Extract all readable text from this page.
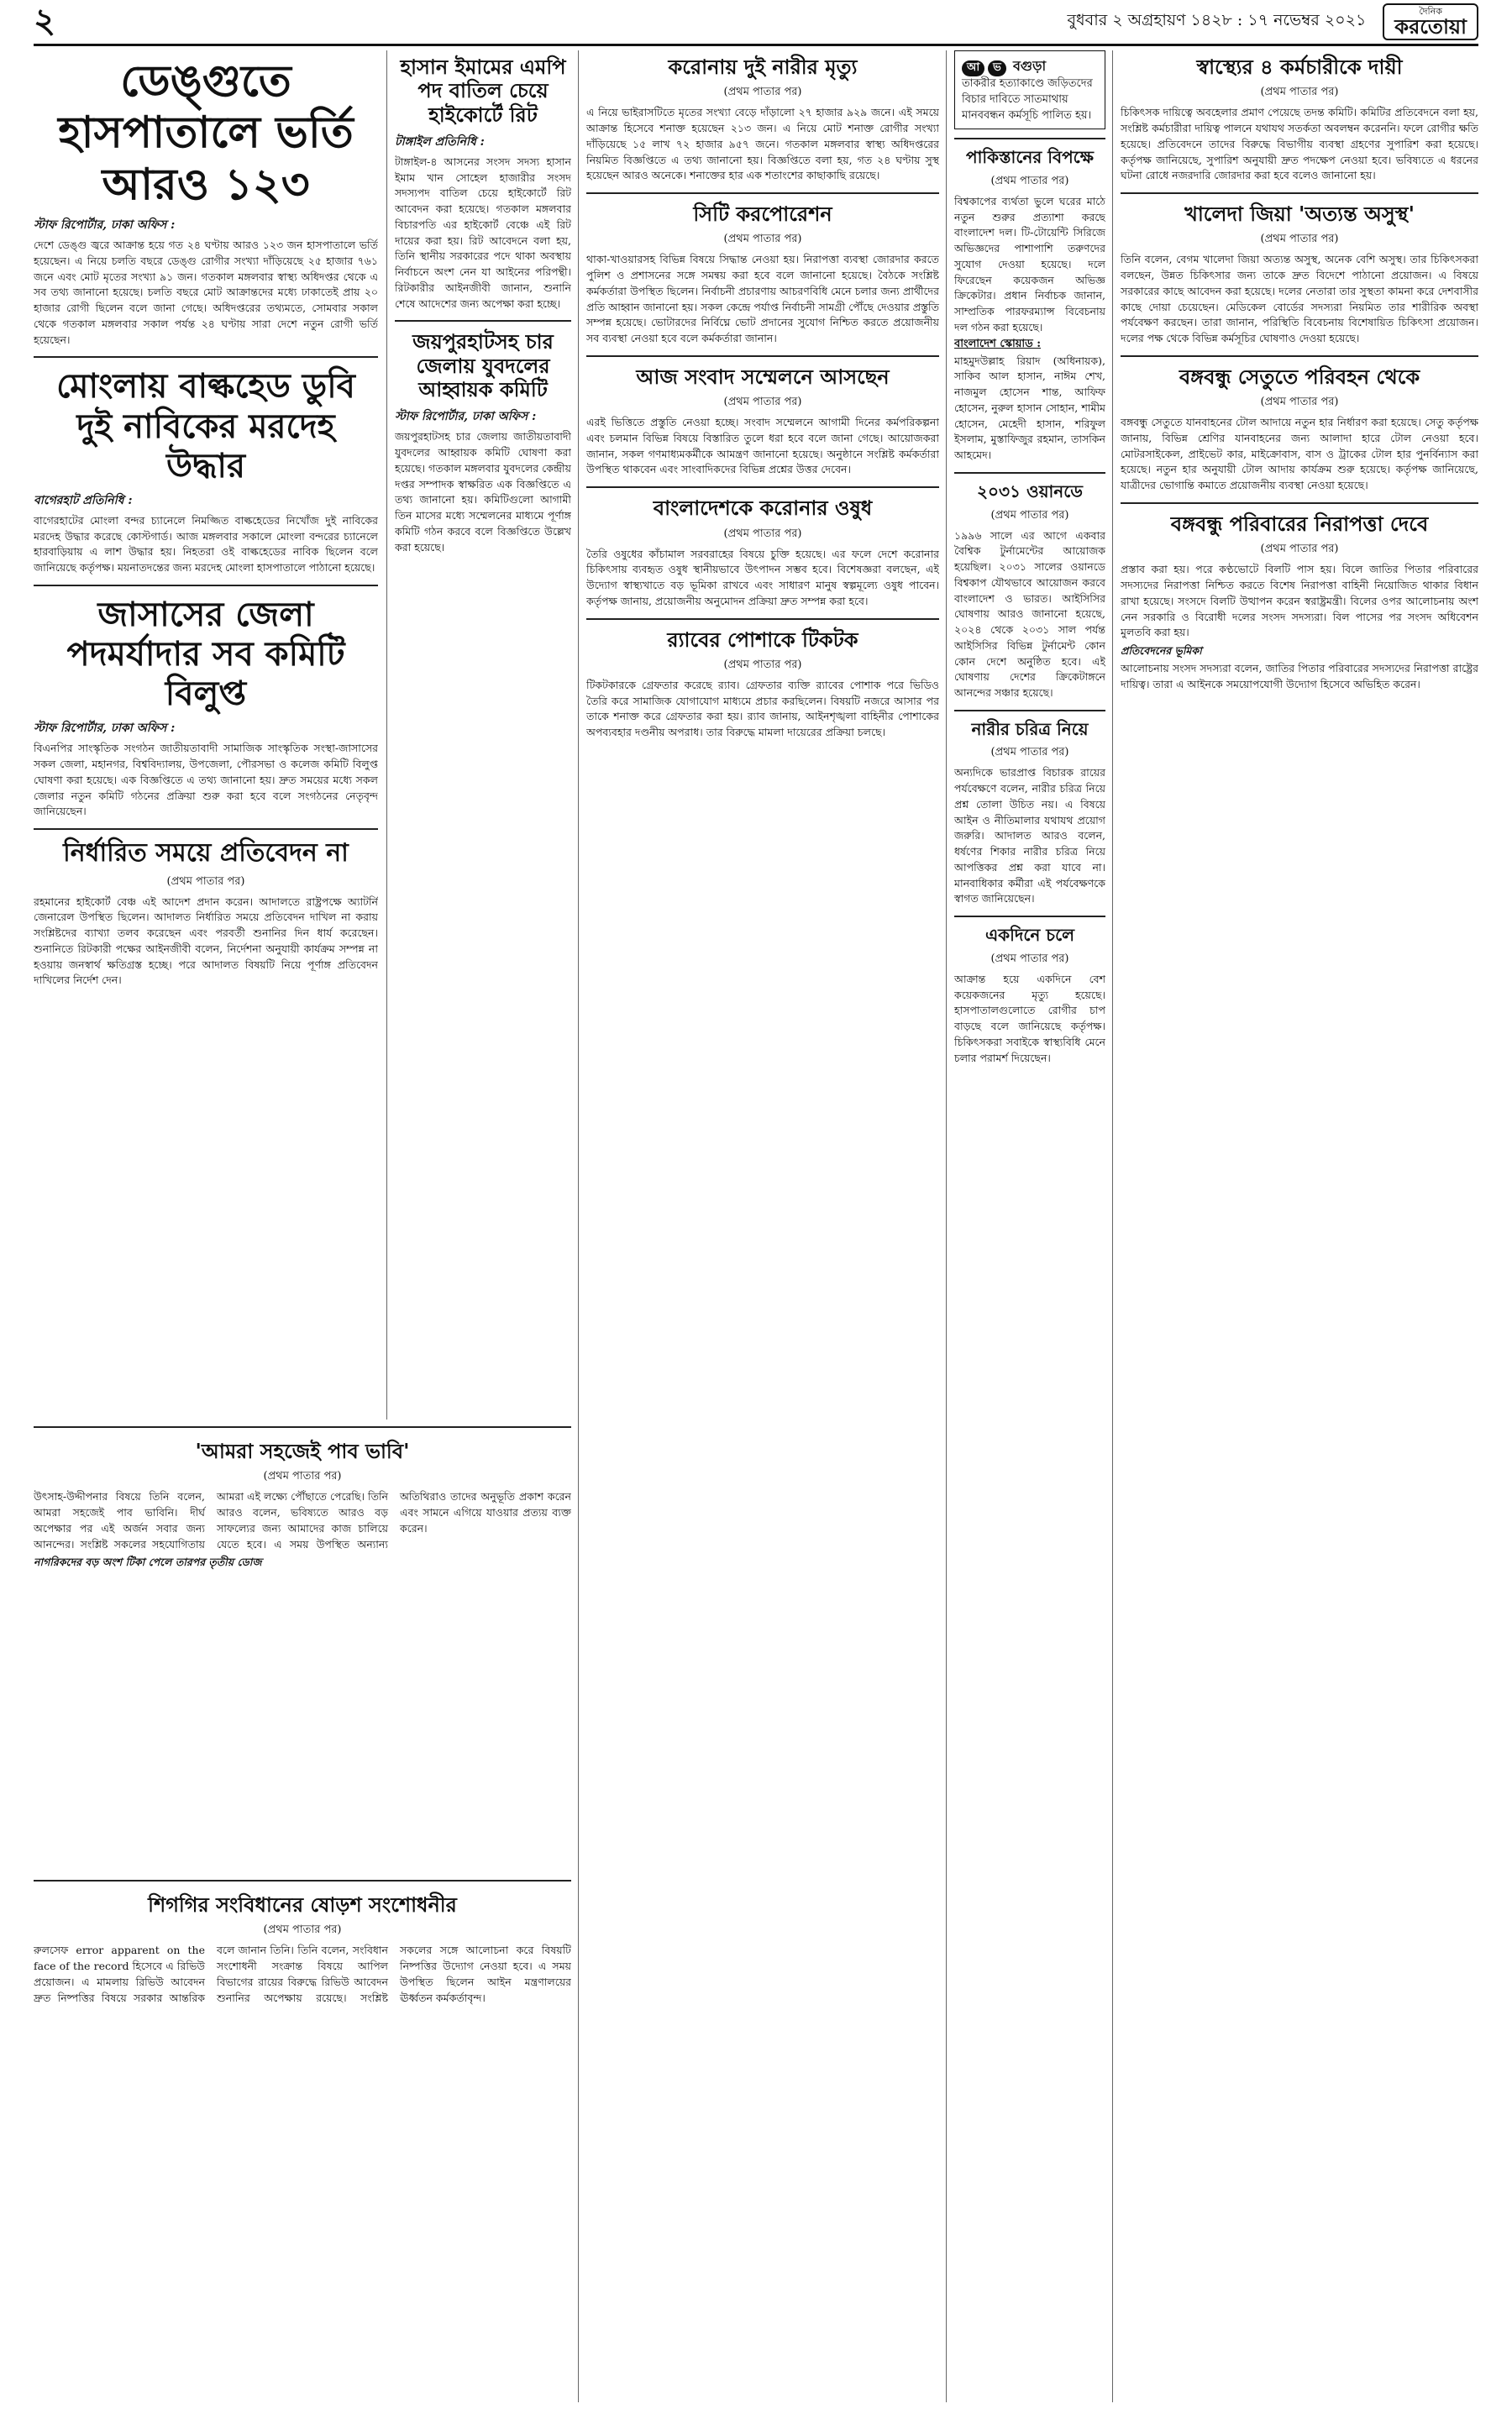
২	বুধবার ২ অগ্রহায়ণ ১৪২৮ : ১৭ নভেম্বর ২০২১	দৈনিক
করতোয়া
ডেঙ্গুতে হাসপাতালে ভর্তি আরও ১২৩
স্টাফ রিপোর্টার, ঢাকা অফিস :

দেশে ডেঙ্গু জ্বরে আক্রান্ত হয়ে গত ২৪ ঘণ্টায় আরও ১২৩ জন হাসপাতালে ভর্তি হয়েছেন। এ নিয়ে চলতি বছরে ডেঙ্গু রোগীর সংখ্যা দাঁড়িয়েছে ২৫ হাজার ৭৬১ জনে এবং মোট মৃতের সংখ্যা ৯১ জন। গতকাল মঙ্গলবার স্বাস্থ্য অধিদপ্তর থেকে এ সব তথ্য জানানো হয়েছে। চলতি বছরে মোট আক্রান্তদের মধ্যে ঢাকাতেই প্রায় ২০ হাজার রোগী ছিলেন বলে জানা গেছে। অধিদপ্তরের তথ্যমতে, সোমবার সকাল থেকে গতকাল মঙ্গলবার সকাল পর্যন্ত ২৪ ঘণ্টায় সারা দেশে নতুন রোগী ভর্তি হয়েছেন।

মোংলায় বাল্কহেড ডুবি দুই নাবিকের মরদেহ উদ্ধার
বাগেরহাট প্রতিনিধি :

বাগেরহাটের মোংলা বন্দর চ্যানেলে নিমজ্জিত বাল্কহেডের নিখোঁজ দুই নাবিকের মরদেহ উদ্ধার করেছে কোস্টগার্ড। আজ মঙ্গলবার সকালে মোংলা বন্দরের চ্যানেলে হারবাড়িয়ায় এ লাশ উদ্ধার হয়। নিহতরা ওই বাল্কহেডের নাবিক ছিলেন বলে জানিয়েছে কর্তৃপক্ষ। ময়নাতদন্তের জন্য মরদেহ মোংলা হাসপাতালে পাঠানো হয়েছে।

জাসাসের জেলা পদমর্যাদার সব কমিটি বিলুপ্ত
স্টাফ রিপোর্টার, ঢাকা অফিস :

বিএনপির সাংস্কৃতিক সংগঠন জাতীয়তাবাদী সামাজিক সাংস্কৃতিক সংস্থা-জাসাসের সকল জেলা, মহানগর, বিশ্ববিদ্যালয়, উপজেলা, পৌরসভা ও কলেজ কমিটি বিলুপ্ত ঘোষণা করা হয়েছে। এক বিজ্ঞপ্তিতে এ তথ্য জানানো হয়। দ্রুত সময়ের মধ্যে সকল জেলার নতুন কমিটি গঠনের প্রক্রিয়া শুরু করা হবে বলে সংগঠনের নেতৃবৃন্দ জানিয়েছেন।

নির্ধারিত সময়ে প্রতিবেদন না
(প্রথম পাতার পর)

রহমানের হাইকোর্ট বেঞ্চ এই আদেশ প্রদান করেন। আদালতে রাষ্ট্রপক্ষে অ্যাটর্নি জেনারেল উপস্থিত ছিলেন। আদালত নির্ধারিত সময়ে প্রতিবেদন দাখিল না করায় সংশ্লিষ্টদের ব্যাখ্যা তলব করেছেন এবং পরবর্তী শুনানির দিন ধার্য করেছেন। শুনানিতে রিটকারী পক্ষের আইনজীবী বলেন, নির্দেশনা অনুযায়ী কার্যক্রম সম্পন্ন না হওয়ায় জনস্বার্থ ক্ষতিগ্রস্ত হচ্ছে। পরে আদালত বিষয়টি নিয়ে পূর্ণাঙ্গ প্রতিবেদন দাখিলের নির্দেশ দেন।

হাসান ইমামের এমপি পদ বাতিল চেয়ে হাইকোর্টে রিট
টাঙ্গাইল প্রতিনিধি :

টাঙ্গাইল-৪ আসনের সংসদ সদস্য হাসান ইমাম খান সোহেল হাজারীর সংসদ সদস্যপদ বাতিল চেয়ে হাইকোর্টে রিট আবেদন করা হয়েছে। গতকাল মঙ্গলবার বিচারপতি এর হাইকোর্ট বেঞ্চে এই রিট দায়ের করা হয়। রিট আবেদনে বলা হয়, তিনি স্থানীয় সরকারের পদে থাকা অবস্থায় নির্বাচনে অংশ নেন যা আইনের পরিপন্থী। রিটকারীর আইনজীবী জানান, শুনানি শেষে আদেশের জন্য অপেক্ষা করা হচ্ছে।

জয়পুরহাটসহ চার জেলায় যুবদলের আহ্বায়ক কমিটি
স্টাফ রিপোর্টার, ঢাকা অফিস :

জয়পুরহাটসহ চার জেলায় জাতীয়তাবাদী যুবদলের আহ্বায়ক কমিটি ঘোষণা করা হয়েছে। গতকাল মঙ্গলবার যুবদলের কেন্দ্রীয় দপ্তর সম্পাদক স্বাক্ষরিত এক বিজ্ঞপ্তিতে এ তথ্য জানানো হয়। কমিটিগুলো আগামী তিন মাসের মধ্যে সম্মেলনের মাধ্যমে পূর্ণাঙ্গ কমিটি গঠন করবে বলে বিজ্ঞপ্তিতে উল্লেখ করা হয়েছে।

করোনায় দুই নারীর মৃত্যু
(প্রথম পাতার পর)

এ নিয়ে ভাইরাসটিতে মৃতের সংখ্যা বেড়ে দাঁড়ালো ২৭ হাজার ৯২৯ জনে। এই সময়ে আক্রান্ত হিসেবে শনাক্ত হয়েছেন ২১৩ জন। এ নিয়ে মোট শনাক্ত রোগীর সংখ্যা দাঁড়িয়েছে ১৫ লাখ ৭২ হাজার ৯৫৭ জনে। গতকাল মঙ্গলবার স্বাস্থ্য অধিদপ্তরের নিয়মিত বিজ্ঞপ্তিতে এ তথ্য জানানো হয়। বিজ্ঞপ্তিতে বলা হয়, গত ২৪ ঘণ্টায় সুস্থ হয়েছেন আরও অনেকে। শনাক্তের হার এক শতাংশের কাছাকাছি রয়েছে।

সিটি করপোরেশন
(প্রথম পাতার পর)

থাকা-খাওয়ারসহ বিভিন্ন বিষয়ে সিদ্ধান্ত নেওয়া হয়। নিরাপত্তা ব্যবস্থা জোরদার করতে পুলিশ ও প্রশাসনের সঙ্গে সমন্বয় করা হবে বলে জানানো হয়েছে। বৈঠকে সংশ্লিষ্ট কর্মকর্তারা উপস্থিত ছিলেন। নির্বাচনী প্রচারণায় আচরণবিধি মেনে চলার জন্য প্রার্থীদের প্রতি আহ্বান জানানো হয়। সকল কেন্দ্রে পর্যাপ্ত নির্বাচনী সামগ্রী পৌঁছে দেওয়ার প্রস্তুতি সম্পন্ন হয়েছে। ভোটারদের নির্বিঘ্নে ভোট প্রদানের সুযোগ নিশ্চিত করতে প্রয়োজনীয় সব ব্যবস্থা নেওয়া হবে বলে কর্মকর্তারা জানান।

আজ সংবাদ সম্মেলনে আসছেন
(প্রথম পাতার পর)

এরই ভিত্তিতে প্রস্তুতি নেওয়া হচ্ছে। সংবাদ সম্মেলনে আগামী দিনের কর্মপরিকল্পনা এবং চলমান বিভিন্ন বিষয়ে বিস্তারিত তুলে ধরা হবে বলে জানা গেছে। আয়োজকরা জানান, সকল গণমাধ্যমকর্মীকে আমন্ত্রণ জানানো হয়েছে। অনুষ্ঠানে সংশ্লিষ্ট কর্মকর্তারা উপস্থিত থাকবেন এবং সাংবাদিকদের বিভিন্ন প্রশ্নের উত্তর দেবেন।

বাংলাদেশকে করোনার ওষুধ
(প্রথম পাতার পর)

তৈরি ওষুধের কাঁচামাল সরবরাহের বিষয়ে চুক্তি হয়েছে। এর ফলে দেশে করোনার চিকিৎসায় ব্যবহৃত ওষুধ স্থানীয়ভাবে উৎপাদন সম্ভব হবে। বিশেষজ্ঞরা বলছেন, এই উদ্যোগ স্বাস্থ্যখাতে বড় ভূমিকা রাখবে এবং সাধারণ মানুষ স্বল্পমূল্যে ওষুধ পাবেন। কর্তৃপক্ষ জানায়, প্রয়োজনীয় অনুমোদন প্রক্রিয়া দ্রুত সম্পন্ন করা হবে।

র‍্যাবের পোশাকে টিকটক
(প্রথম পাতার পর)

টিকটকারকে গ্রেফতার করেছে র‍্যাব। গ্রেফতার ব্যক্তি র‍্যাবের পোশাক পরে ভিডিও তৈরি করে সামাজিক যোগাযোগ মাধ্যমে প্রচার করছিলেন। বিষয়টি নজরে আসার পর তাকে শনাক্ত করে গ্রেফতার করা হয়। র‍্যাব জানায়, আইনশৃঙ্খলা বাহিনীর পোশাকের অপব্যবহার দণ্ডনীয় অপরাধ। তার বিরুদ্ধে মামলা দায়েরের প্রক্রিয়া চলছে।

'আমরা সহজেই পাব ভাবি'
(প্রথম পাতার পর)

উৎসাহ-উদ্দীপনার বিষয়ে তিনি বলেন, আমরা সহজেই পাব ভাবিনি। দীর্ঘ অপেক্ষার পর এই অর্জন সবার জন্য আনন্দের। সংশ্লিষ্ট সকলের সহযোগিতায় আমরা এই লক্ষ্যে পৌঁছাতে পেরেছি। তিনি আরও বলেন, ভবিষ্যতে আরও বড় সাফল্যের জন্য আমাদের কাজ চালিয়ে যেতে হবে। এ সময় উপস্থিত অন্যান্য অতিথিরাও তাদের অনুভূতি প্রকাশ করেন এবং সামনে এগিয়ে যাওয়ার প্রত্যয় ব্যক্ত করেন।

নাগরিকদের বড় অংশ টিকা পেলে তারপর তৃতীয় ডোজ
শিগগির সংবিধানের ষোড়শ সংশোধনীর
(প্রথম পাতার পর)

রুলসেফ error apparent on the face of the record হিসেবে এ রিভিউ প্রয়োজন। এ মামলায় রিভিউ আবেদন দ্রুত নিষ্পত্তির বিষয়ে সরকার আন্তরিক বলে জানান তিনি। তিনি বলেন, সংবিধান সংশোধনী সংক্রান্ত বিষয়ে আপিল বিভাগের রায়ের বিরুদ্ধে রিভিউ আবেদন শুনানির অপেক্ষায় রয়েছে। সংশ্লিষ্ট সকলের সঙ্গে আলোচনা করে বিষয়টি নিষ্পত্তির উদ্যোগ নেওয়া হবে। এ সময় উপস্থিত ছিলেন আইন মন্ত্রণালয়ের ঊর্ধ্বতন কর্মকর্তাবৃন্দ।

আ ভ বগুড়া
তাকরীর হত্যাকাণ্ডে জড়িতদের বিচার দাবিতে সাতমাথায় মানববন্ধন কর্মসূচি পালিত হয়।
পাকিস্তানের বিপক্ষে
(প্রথম পাতার পর)

বিশ্বকাপের ব্যর্থতা ভুলে ঘরের মাঠে নতুন শুরুর প্রত্যাশা করছে বাংলাদেশ দল। টি-টোয়েন্টি সিরিজে অভিজ্ঞদের পাশাপাশি তরুণদের সুযোগ দেওয়া হয়েছে। দলে ফিরেছেন কয়েকজন অভিজ্ঞ ক্রিকেটার। প্রধান নির্বাচক জানান, সাম্প্রতিক পারফরম্যান্স বিবেচনায় দল গঠন করা হয়েছে।

বাংলাদেশ স্কোয়াড :

মাহমুদউল্লাহ রিয়াদ (অধিনায়ক), সাকিব আল হাসান, নাঈম শেখ, নাজমুল হোসেন শান্ত, আফিফ হোসেন, নুরুল হাসান সোহান, শামীম হোসেন, মেহেদী হাসান, শরিফুল ইসলাম, মুস্তাফিজুর রহমান, তাসকিন আহমেদ।

২০৩১ ওয়ানডে
(প্রথম পাতার পর)

১৯৯৬ সালে এর আগে একবার বৈশ্বিক টুর্নামেন্টের আয়োজক হয়েছিল। ২০৩১ সালের ওয়ানডে বিশ্বকাপ যৌথভাবে আয়োজন করবে বাংলাদেশ ও ভারত। আইসিসির ঘোষণায় আরও জানানো হয়েছে, ২০২৪ থেকে ২০৩১ সাল পর্যন্ত আইসিসির বিভিন্ন টুর্নামেন্ট কোন কোন দেশে অনুষ্ঠিত হবে। এই ঘোষণায় দেশের ক্রিকেটাঙ্গনে আনন্দের সঞ্চার হয়েছে।

নারীর চরিত্র নিয়ে
(প্রথম পাতার পর)

অন্যদিকে ভারপ্রাপ্ত বিচারক রায়ের পর্যবেক্ষণে বলেন, নারীর চরিত্র নিয়ে প্রশ্ন তোলা উচিত নয়। এ বিষয়ে আইন ও নীতিমালার যথাযথ প্রয়োগ জরুরি। আদালত আরও বলেন, ধর্ষণের শিকার নারীর চরিত্র নিয়ে আপত্তিকর প্রশ্ন করা যাবে না। মানবাধিকার কর্মীরা এই পর্যবেক্ষণকে স্বাগত জানিয়েছেন।

একদিনে চলে
(প্রথম পাতার পর)

আক্রান্ত হয়ে একদিনে বেশ কয়েকজনের মৃত্যু হয়েছে। হাসপাতালগুলোতে রোগীর চাপ বাড়ছে বলে জানিয়েছে কর্তৃপক্ষ। চিকিৎসকরা সবাইকে স্বাস্থ্যবিধি মেনে চলার পরামর্শ দিয়েছেন।

স্বাস্থ্যের ৪ কর্মচারীকে দায়ী
(প্রথম পাতার পর)

চিকিৎসক দায়িত্বে অবহেলার প্রমাণ পেয়েছে তদন্ত কমিটি। কমিটির প্রতিবেদনে বলা হয়, সংশ্লিষ্ট কর্মচারীরা দায়িত্ব পালনে যথাযথ সতর্কতা অবলম্বন করেননি। ফলে রোগীর ক্ষতি হয়েছে। প্রতিবেদনে তাদের বিরুদ্ধে বিভাগীয় ব্যবস্থা গ্রহণের সুপারিশ করা হয়েছে। কর্তৃপক্ষ জানিয়েছে, সুপারিশ অনুযায়ী দ্রুত পদক্ষেপ নেওয়া হবে। ভবিষ্যতে এ ধরনের ঘটনা রোধে নজরদারি জোরদার করা হবে বলেও জানানো হয়।

খালেদা জিয়া 'অত্যন্ত অসুস্থ'
(প্রথম পাতার পর)

তিনি বলেন, বেগম খালেদা জিয়া অত্যন্ত অসুস্থ, অনেক বেশি অসুস্থ। তার চিকিৎসকরা বলছেন, উন্নত চিকিৎসার জন্য তাকে দ্রুত বিদেশে পাঠানো প্রয়োজন। এ বিষয়ে সরকারের কাছে আবেদন করা হয়েছে। দলের নেতারা তার সুস্থতা কামনা করে দেশবাসীর কাছে দোয়া চেয়েছেন। মেডিকেল বোর্ডের সদস্যরা নিয়মিত তার শারীরিক অবস্থা পর্যবেক্ষণ করছেন। তারা জানান, পরিস্থিতি বিবেচনায় বিশেষায়িত চিকিৎসা প্রয়োজন। দলের পক্ষ থেকে বিভিন্ন কর্মসূচির ঘোষণাও দেওয়া হয়েছে।

বঙ্গবন্ধু সেতুতে পরিবহন থেকে
(প্রথম পাতার পর)

বঙ্গবন্ধু সেতুতে যানবাহনের টোল আদায়ে নতুন হার নির্ধারণ করা হয়েছে। সেতু কর্তৃপক্ষ জানায়, বিভিন্ন শ্রেণির যানবাহনের জন্য আলাদা হারে টোল নেওয়া হবে। মোটরসাইকেল, প্রাইভেট কার, মাইক্রোবাস, বাস ও ট্রাকের টোল হার পুনর্বিন্যাস করা হয়েছে। নতুন হার অনুযায়ী টোল আদায় কার্যক্রম শুরু হয়েছে। কর্তৃপক্ষ জানিয়েছে, যাত্রীদের ভোগান্তি কমাতে প্রয়োজনীয় ব্যবস্থা নেওয়া হয়েছে।

বঙ্গবন্ধু পরিবারের নিরাপত্তা দেবে
(প্রথম পাতার পর)

প্রস্তাব করা হয়। পরে কণ্ঠভোটে বিলটি পাস হয়। বিলে জাতির পিতার পরিবারের সদস্যদের নিরাপত্তা নিশ্চিত করতে বিশেষ নিরাপত্তা বাহিনী নিয়োজিত থাকার বিধান রাখা হয়েছে। সংসদে বিলটি উত্থাপন করেন স্বরাষ্ট্রমন্ত্রী। বিলের ওপর আলোচনায় অংশ নেন সরকারি ও বিরোধী দলের সংসদ সদস্যরা। বিল পাসের পর সংসদ অধিবেশন মুলতবি করা হয়।

প্রতিবেদনের ভূমিকা

আলোচনায় সংসদ সদস্যরা বলেন, জাতির পিতার পরিবারের সদস্যদের নিরাপত্তা রাষ্ট্রের দায়িত্ব। তারা এ আইনকে সময়োপযোগী উদ্যোগ হিসেবে অভিহিত করেন।
